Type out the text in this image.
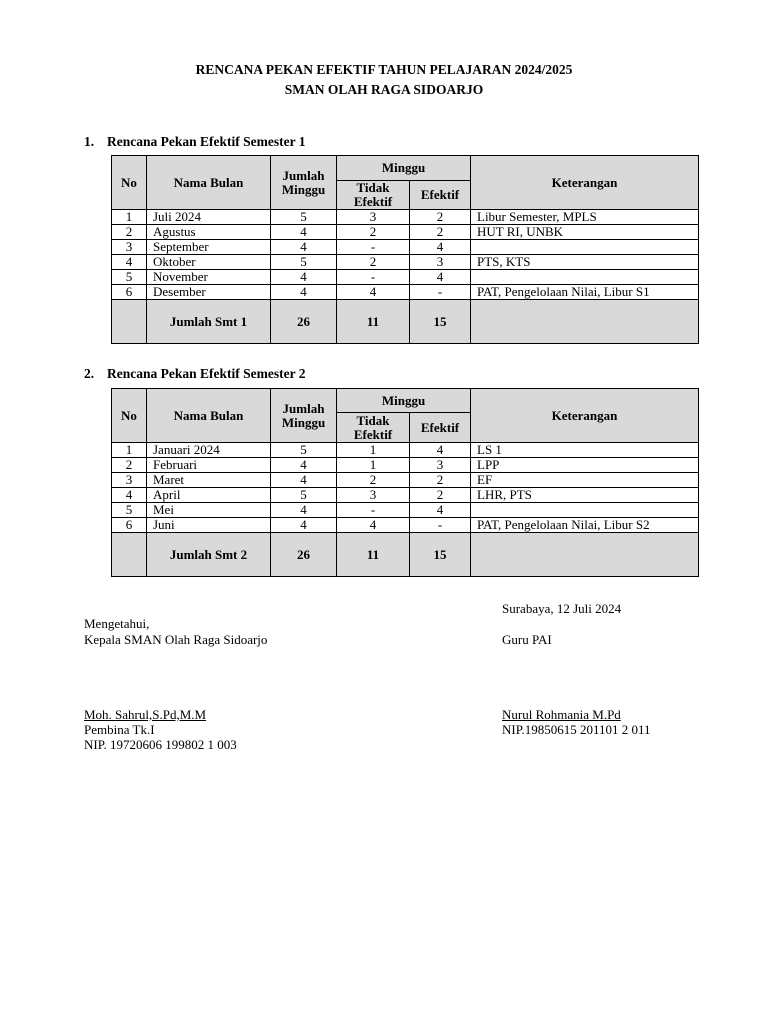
RENCANA PEKAN EFEKTIF TAHUN PELAJARAN 2024/2025
SMAN OLAH RAGA SIDOARJO
1. Rencana Pekan Efektif Semester 1
No	Nama Bulan	Jumlah Minggu	Minggu		Keterangan
			Tidak Efektif	Efektif	
1	Juli 2024	5	3	2	Libur Semester, MPLS
2	Agustus	4	2	2	HUT RI, UNBK
3	September	4	-	4	
4	Oktober	5	2	3	PTS, KTS
5	November	4	-	4	
6	Desember	4	4	-	PAT, Pengelolaan Nilai, Libur S1
	Jumlah Smt 1	26	11	15	
2. Rencana Pekan Efektif Semester 2
No	Nama Bulan	Jumlah Minggu	Minggu		Keterangan
			Tidak Efektif	Efektif	
1	Januari 2024	5	1	4	LS 1
2	Februari	4	1	3	LPP
3	Maret	4	2	2	EF
4	April	5	3	2	LHR, PTS
5	Mei	4	-	4	
6	Juni	4	4	-	PAT, Pengelolaan Nilai, Libur S2
	Jumlah Smt 2	26	11	15	
Surabaya, 12 Juli 2024
Mengetahui,
Kepala SMAN Olah Raga Sidoarjo	Guru PAI
Moh. Sahrul,S.Pd,M.M	Nurul Rohmania M.Pd
Pembina Tk.I	NIP.19850615 201101 2 011
NIP. 19720606 199802 1 003
